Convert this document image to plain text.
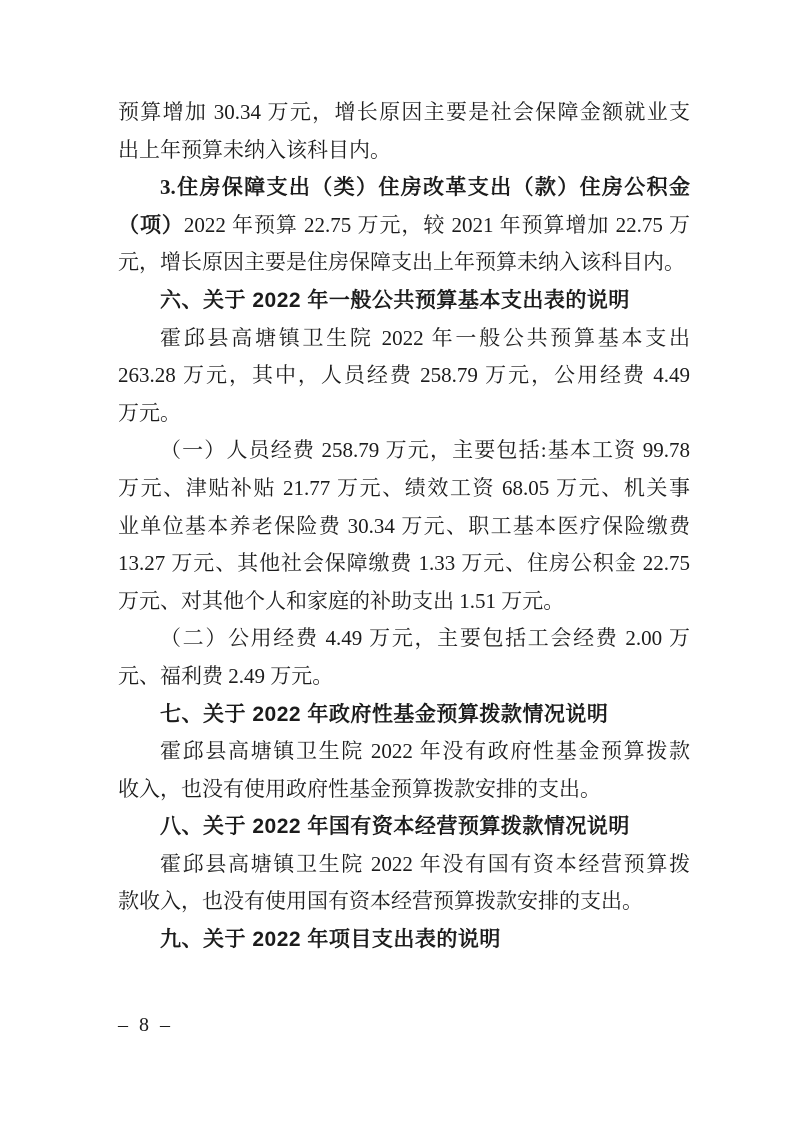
预算增加 30.34 万元，增长原因主要是社会保障金额就业支
出上年预算未纳入该科目内。
3.住房保障支出（类）住房改革支出（款）住房公积金
（项）2022 年预算 22.75 万元，较 2021 年预算增加 22.75 万
元，增长原因主要是住房保障支出上年预算未纳入该科目内。
六、关于 2022 年一般公共预算基本支出表的说明
霍邱县高塘镇卫生院 2022 年一般公共预算基本支出
263.28 万元，其中，人员经费 258.79 万元，公用经费 4.49
万元。
（一）人员经费 258.79 万元，主要包括:基本工资 99.78
万元、津贴补贴 21.77 万元、绩效工资 68.05 万元、机关事
业单位基本养老保险费 30.34 万元、职工基本医疗保险缴费
13.27 万元、其他社会保障缴费 1.33 万元、住房公积金 22.75
万元、对其他个人和家庭的补助支出 1.51 万元。
（二）公用经费 4.49 万元，主要包括工会经费 2.00 万
元、福利费 2.49 万元。
七、关于 2022 年政府性基金预算拨款情况说明
霍邱县高塘镇卫生院 2022 年没有政府性基金预算拨款
收入，也没有使用政府性基金预算拨款安排的支出。
八、关于 2022 年国有资本经营预算拨款情况说明
霍邱县高塘镇卫生院 2022 年没有国有资本经营预算拨
款收入，也没有使用国有资本经营预算拨款安排的支出。
九、关于 2022 年项目支出表的说明
– 8 –
